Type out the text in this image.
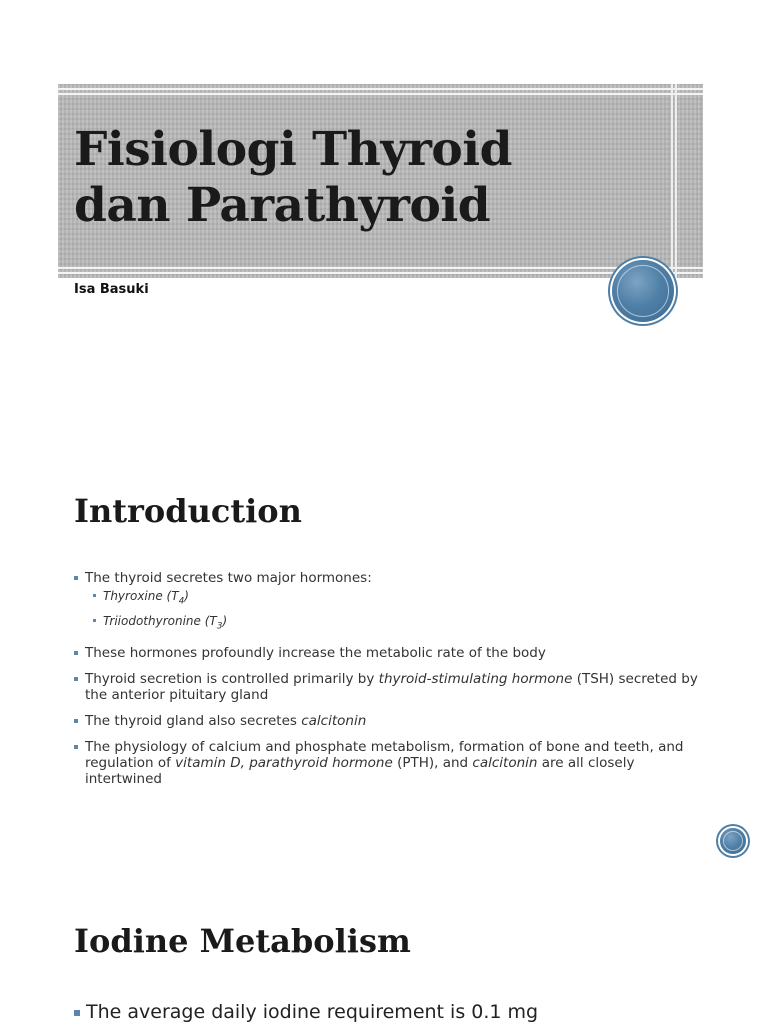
Fisiologi Thyroid
dan Parathyroid
Isa Basuki
Introduction
The thyroid secretes two major hormones:
Thyroxine $(T_4)$
Triiodothyronine $(T_3)$
These hormones profoundly increase the metabolic rate of the body
Thyroid secretion is controlled primarily by thyroid-stimulating hormone (TSH) secreted by the anterior pituitary gland
The thyroid gland also secretes calcitonin
The physiology of calcium and phosphate metabolism, formation of bone and teeth, and regulation of vitamin D, parathyroid hormone (PTH), and calcitonin are all closely intertwined
Iodine Metabolism
The average daily iodine requirement is 0.1 mg
